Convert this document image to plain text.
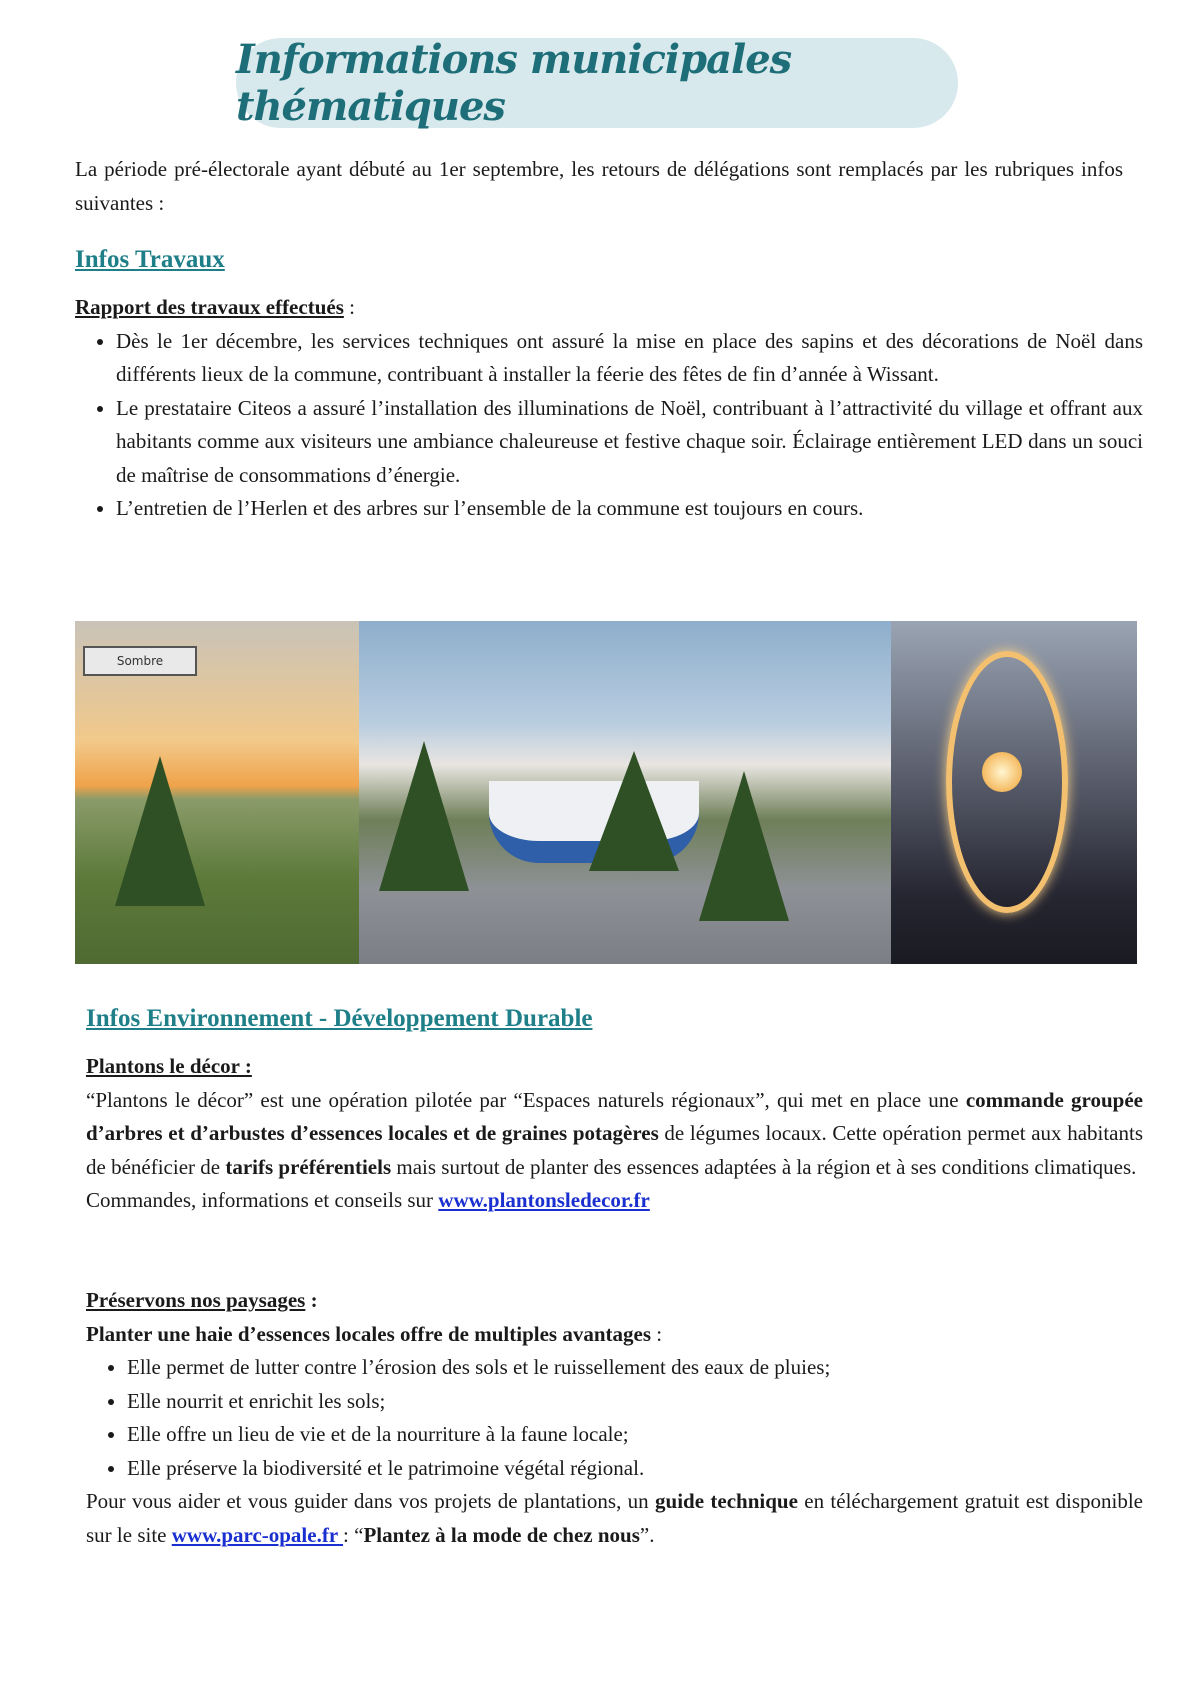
Informations municipales thématiques
La période pré-électorale ayant débuté au 1er septembre, les retours de délégations sont remplacés par les rubriques infos suivantes :
Infos Travaux
Rapport des travaux effectués :
• Dès le 1er décembre, les services techniques ont assuré la mise en place des sapins et des décorations de Noël dans différents lieux de la commune, contribuant à installer la féerie des fêtes de fin d’année à Wissant.
• Le prestataire Citeos a assuré l’installation des illuminations de Noël, contribuant à l’attractivité du village et offrant aux habitants comme aux visiteurs une ambiance chaleureuse et festive chaque soir. Éclairage entièrement LED dans un souci de maîtrise de consommations d’énergie.
• L’entretien de l’Herlen et des arbres sur l’ensemble de la commune est toujours en cours.
Sombre
Infos Environnement - Développement Durable
Plantons le décor :
“Plantons le décor” est une opération pilotée par “Espaces naturels régionaux”, qui met en place une commande groupée d’arbres et d’arbustes d’essences locales et de graines potagères de légumes locaux. Cette opération permet aux habitants de bénéficier de tarifs préférentiels mais surtout de planter des essences adaptées à la région et à ses conditions climatiques.
Commandes, informations et conseils sur www.plantonsledecor.fr
Préservons nos paysages :
Planter une haie d’essences locales offre de multiples avantages :
• Elle permet de lutter contre l’érosion des sols et le ruissellement des eaux de pluies;
• Elle nourrit et enrichit les sols;
• Elle offre un lieu de vie et de la nourriture à la faune locale;
• Elle préserve la biodiversité et le patrimoine végétal régional.
Pour vous aider et vous guider dans vos projets de plantations, un guide technique en téléchargement gratuit est disponible sur le site www.parc-opale.fr : “Plantez à la mode de chez nous”.
